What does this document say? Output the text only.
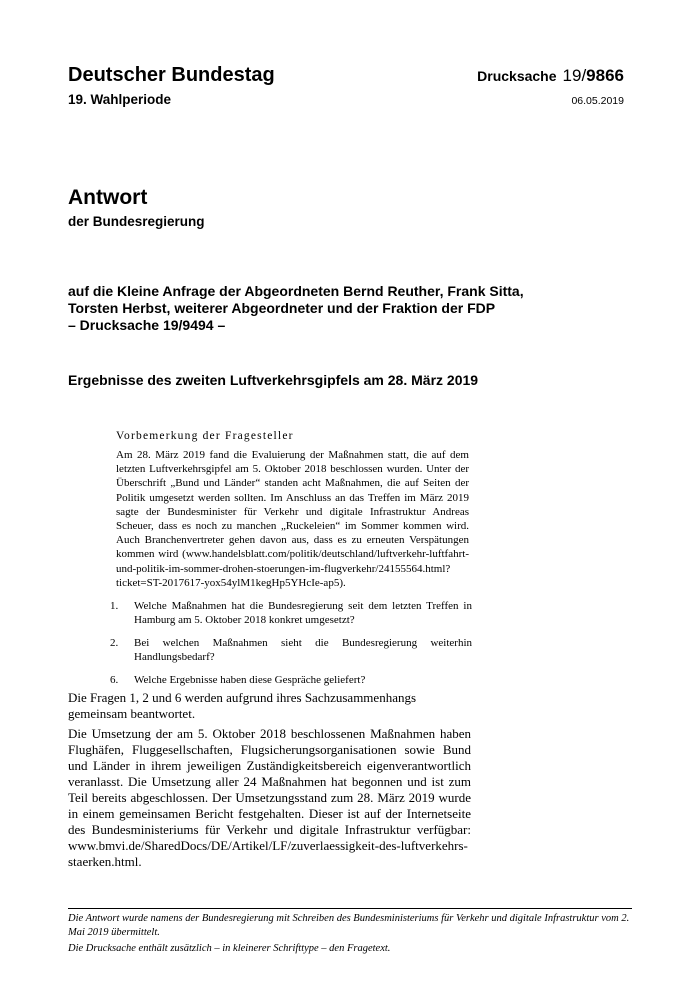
Deutscher Bundestag
19. Wahlperiode
Drucksache 19/9866
06.05.2019
Antwort
der Bundesregierung
auf die Kleine Anfrage der Abgeordneten Bernd Reuther, Frank Sitta,
Torsten Herbst, weiterer Abgeordneter und der Fraktion der FDP
– Drucksache 19/9494 –
Ergebnisse des zweiten Luftverkehrsgipfels am 28. März 2019
Vorbemerkung der Fragesteller
Am 28. März 2019 fand die Evaluierung der Maßnahmen statt, die auf dem letzten Luftverkehrsgipfel am 5. Oktober 2018 beschlossen wurden. Unter der Überschrift „Bund und Länder“ standen acht Maßnahmen, die auf Seiten der Politik umgesetzt werden sollten. Im Anschluss an das Treffen im März 2019 sagte der Bundesminister für Verkehr und digitale Infrastruktur Andreas Scheuer, dass es noch zu manchen „Ruckeleien“ im Sommer kommen wird. Auch Branchenvertreter gehen davon aus, dass es zu erneuten Verspätungen kommen wird (www.handelsblatt.com/politik/deutschland/luftverkehr-luftfahrt-und-politik-im-sommer-drohen-stoerungen-im-flugverkehr/24155564.html?ticket=ST-2017617-yox54ylM1kegHp5YHcIe-ap5).
1. Welche Maßnahmen hat die Bundesregierung seit dem letzten Treffen in Hamburg am 5. Oktober 2018 konkret umgesetzt?
2. Bei welchen Maßnahmen sieht die Bundesregierung weiterhin Handlungsbedarf?
6. Welche Ergebnisse haben diese Gespräche geliefert?
Die Fragen 1, 2 und 6 werden aufgrund ihres Sachzusammenhangs gemeinsam beantwortet.
Die Umsetzung der am 5. Oktober 2018 beschlossenen Maßnahmen haben Flughäfen, Fluggesellschaften, Flugsicherungsorganisationen sowie Bund und Länder in ihrem jeweiligen Zuständigkeitsbereich eigenverantwortlich veranlasst. Die Umsetzung aller 24 Maßnahmen hat begonnen und ist zum Teil bereits abgeschlossen. Der Umsetzungsstand zum 28. März 2019 wurde in einem gemeinsamen Bericht festgehalten. Dieser ist auf der Internetseite des Bundesministeriums für Verkehr und digitale Infrastruktur verfügbar: www.bmvi.de/SharedDocs/DE/Artikel/LF/zuverlaessigkeit-des-luftverkehrs-staerken.html.
Die Antwort wurde namens der Bundesregierung mit Schreiben des Bundesministeriums für Verkehr und digitale Infrastruktur vom 2. Mai 2019 übermittelt.
Die Drucksache enthält zusätzlich – in kleinerer Schrifttype – den Fragetext.
